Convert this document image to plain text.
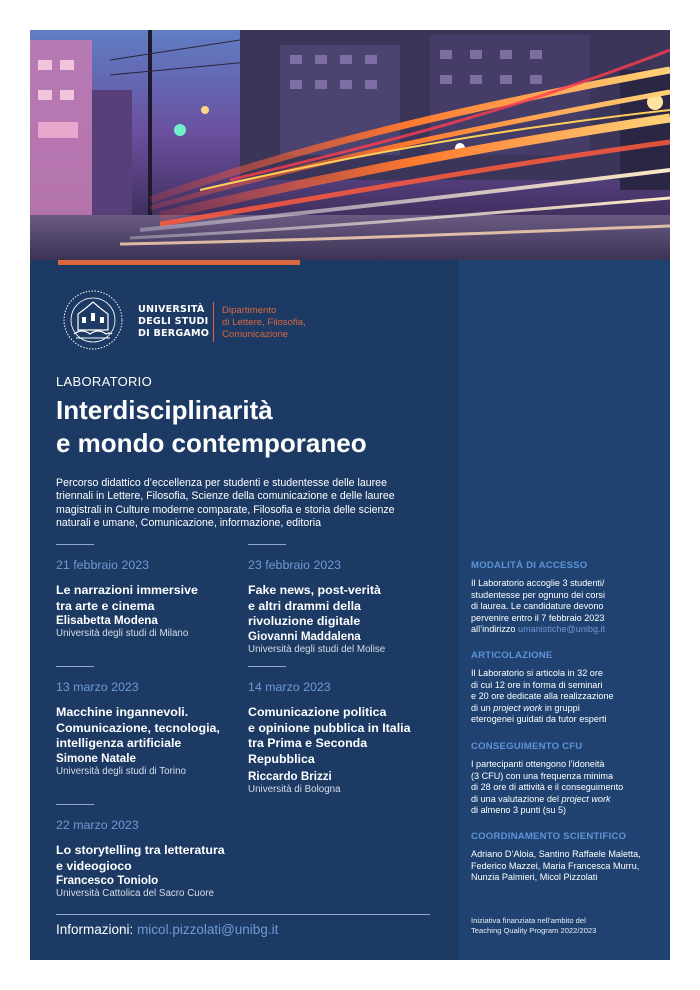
UNIVERSITÀ
DEGLI STUDI
DI BERGAMO
Dipartimento
di Lettere, Filosofia,
Comunicazione
LABORATORIO
Interdisciplinarità
e mondo contemporaneo
Percorso didattico d’eccellenza per studenti e studentesse delle lauree triennali in Lettere, Filosofia, Scienze della comunicazione e delle lauree magistrali in Culture moderne comparate, Filosofia e storia delle scienze naturali e umane, Comunicazione, informazione, editoria
21 febbraio 2023
Le narrazioni immersive
tra arte e cinema
Elisabetta Modena
Università degli studi di Milano
23 febbraio 2023
Fake news, post-verità
e altri drammi della
rivoluzione digitale
Giovanni Maddalena
Università degli studi del Molise
13 marzo 2023
Macchine ingannevoli.
Comunicazione, tecnologia,
intelligenza artificiale
Simone Natale
Università degli studi di Torino
14 marzo 2023
Comunicazione politica
e opinione pubblica in Italia
tra Prima e Seconda
Repubblica
Riccardo Brizzi
Università di Bologna
22 marzo 2023
Lo storytelling tra letteratura
e videogioco
Francesco Toniolo
Università Cattolica del Sacro Cuore
Informazioni: micol.pizzolati@unibg.it
MODALITÀ DI ACCESSO
Il Laboratorio accoglie 3 studenti/
studentesse per ognuno dei corsi
di laurea. Le candidature devono
pervenire entro il 7 febbraio 2023
all’indirizzo umanistiche@unibg.it
ARTICOLAZIONE
Il Laboratorio si articola in 32 ore
di cui 12 ore in forma di seminari
e 20 ore dedicate alla realizzazione
di un project work in gruppi
eterogenei guidati da tutor esperti
CONSEGUIMENTO CFU
I partecipanti ottengono l’idoneità
(3 CFU) con una frequenza minima
di 28 ore di attività e il conseguimento
di una valutazione del project work
di almeno 3 punti (su 5)
COORDINAMENTO SCIENTIFICO
Adriano D’Aloia, Santino Raffaele Maletta,
Federico Mazzei, Maria Francesca Murru,
Nunzia Palmieri, Micol Pizzolati
Iniziativa finanziata nell’ambito del
Teaching Quality Program 2022/2023
